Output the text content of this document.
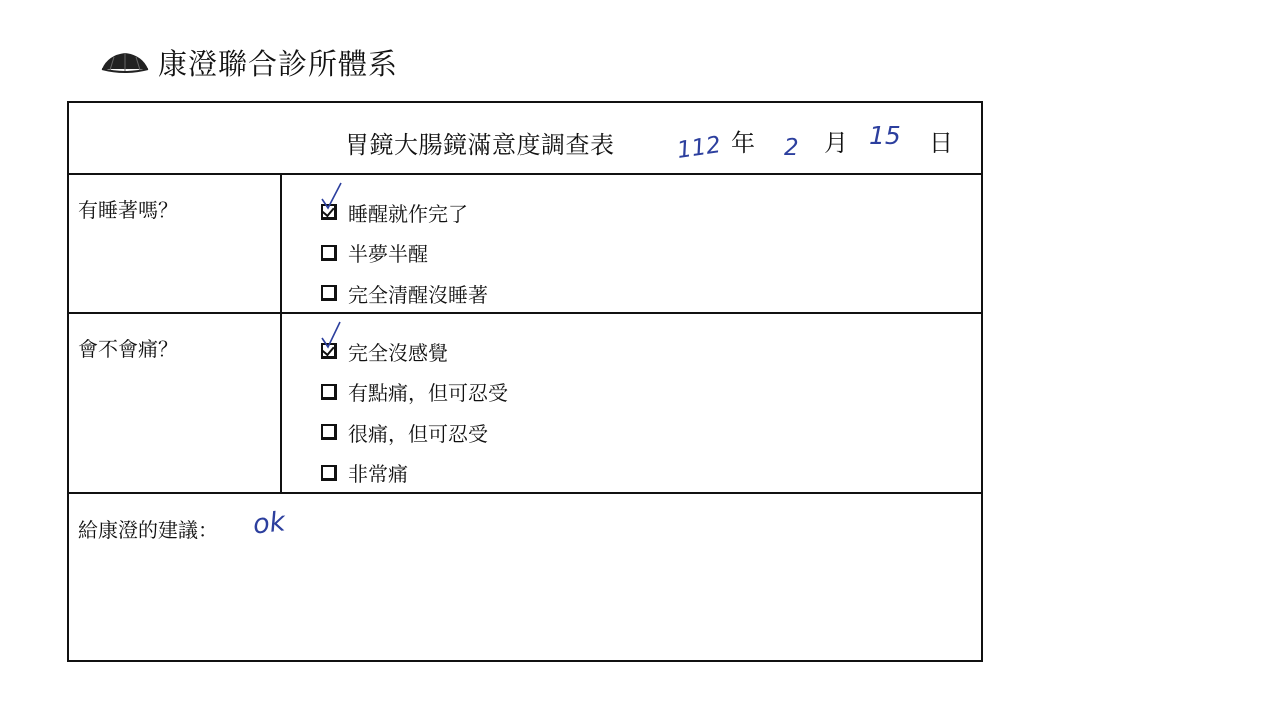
康澄聯合診所體系
胃鏡大腸鏡滿意度調查表	112 年 2 月 15 日
有睡著嗎？	睡醒就作完了
半夢半醒
完全清醒沒睡著
會不會痛？	完全沒感覺
有點痛，但可忍受
很痛，但可忍受
非常痛
給康澄的建議： ok
